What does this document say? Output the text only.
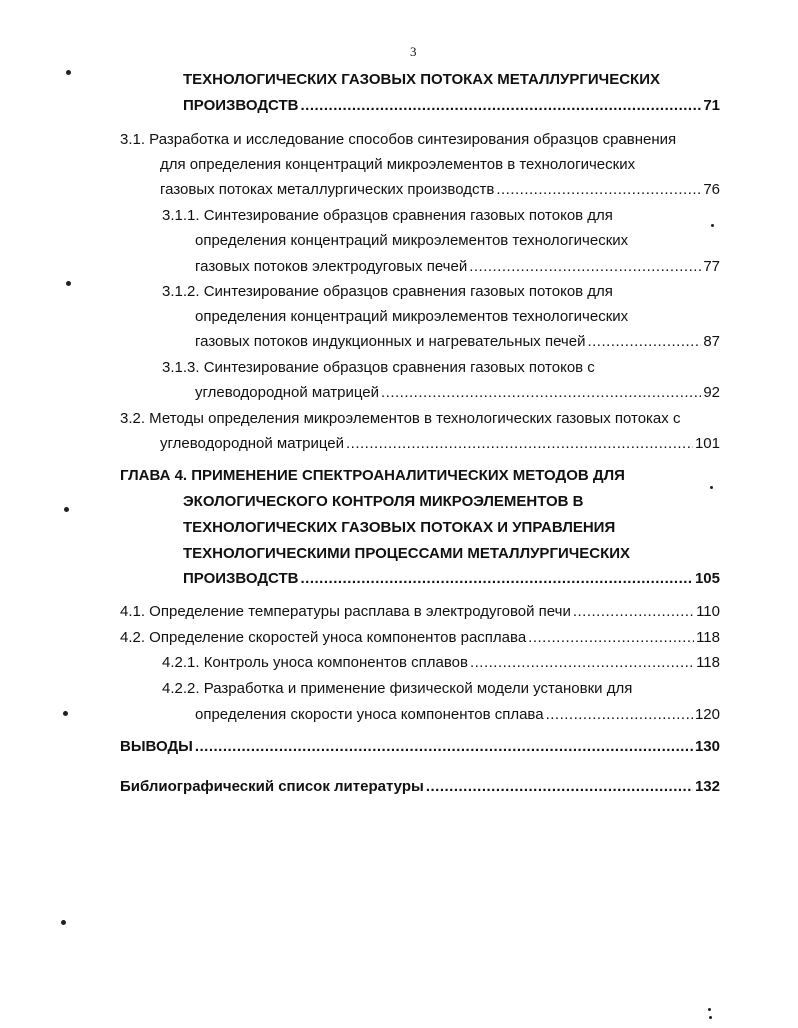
3
ТЕХНОЛОГИЧЕСКИХ ГАЗОВЫХ ПОТОКАХ МЕТАЛЛУРГИЧЕСКИХ
ПРОИЗВОДСТВ .....	71
3.1. Разработка и исследование способов синтезирования образцов сравнения
для определения концентраций микроэлементов в технологических
газовых потоках металлургических производств .....	76
3.1.1. Синтезирование образцов сравнения газовых потоков для
определения концентраций микроэлементов технологических
газовых потоков электродуговых печей .....	77
3.1.2. Синтезирование образцов сравнения газовых потоков для
определения концентраций микроэлементов технологических
газовых потоков индукционных и нагревательных печей .....	87
3.1.3. Синтезирование образцов сравнения газовых потоков с
углеводородной матрицей .....	92
3.2. Методы определения микроэлементов в технологических газовых потоках с
углеводородной матрицей .....	101
ГЛАВА 4. ПРИМЕНЕНИЕ СПЕКТРОАНАЛИТИЧЕСКИХ МЕТОДОВ ДЛЯ
ЭКОЛОГИЧЕСКОГО КОНТРОЛЯ МИКРОЭЛЕМЕНТОВ В
ТЕХНОЛОГИЧЕСКИХ ГАЗОВЫХ ПОТОКАХ И УПРАВЛЕНИЯ
ТЕХНОЛОГИЧЕСКИМИ ПРОЦЕССАМИ МЕТАЛЛУРГИЧЕСКИХ
ПРОИЗВОДСТВ .....	105
4.1. Определение температуры расплава в электродуговой печи .....	110
4.2. Определение скоростей уноса компонентов расплава .....	118
4.2.1. Контроль уноса компонентов сплавов .....	118
4.2.2. Разработка и применение физической модели установки для
определения скорости уноса компонентов сплава .....	120
ВЫВОДЫ .....	130
Библиографический список литературы .....	132
